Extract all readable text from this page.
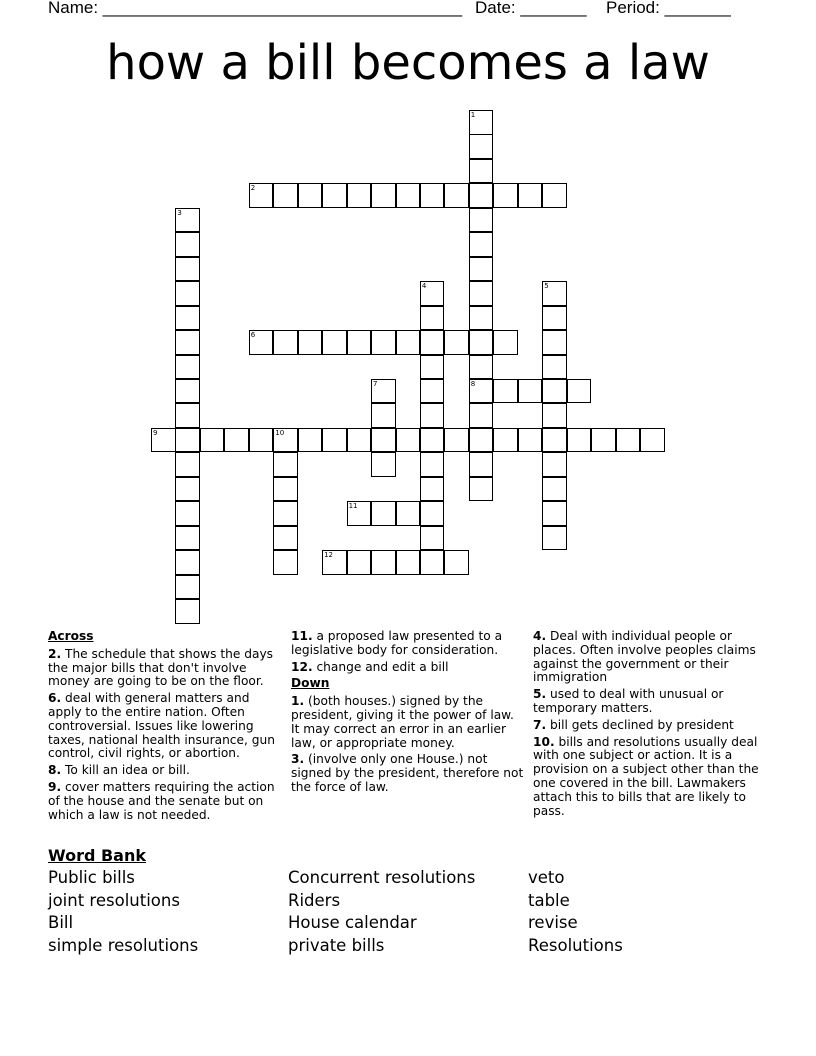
Name: ______________________________________ Date: _______ Period: _______
how a bill becomes a law
1
8
2
3
4	5
6
7
9	10
11
12
Across
2. The schedule that shows the days the major bills that don't involve money are going to be on the floor.
6. deal with general matters and apply to the entire nation. Often controversial. Issues like lowering taxes, national health insurance, gun control, civil rights, or abortion.
8. To kill an idea or bill.
9. cover matters requiring the action of the house and the senate but on which a law is not needed.
11. a proposed law presented to a legislative body for consideration.
12. change and edit a bill
Down
1. (both houses.) signed by the president, giving it the power of law. It may correct an error in an earlier law, or appropriate money.
3. (involve only one House.) not signed by the president, therefore not the force of law.
4. Deal with individual people or places. Often involve peoples claims against the government or their immigration
5. used to deal with unusual or temporary matters.
7. bill gets declined by president
10. bills and resolutions usually deal with one subject or action. It is a provision on a subject other than the one covered in the bill. Lawmakers attach this to bills that are likely to pass.
Word Bank
Public bills
joint resolutions
Bill
simple resolutions
Concurrent resolutions
Riders
House calendar
private bills
veto
table
revise
Resolutions
